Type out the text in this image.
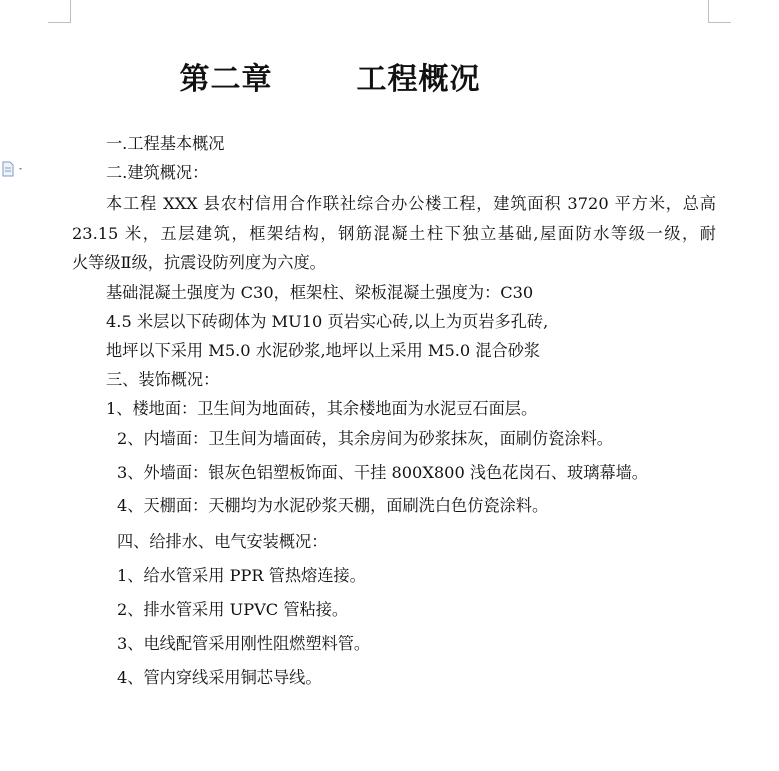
第二章	工程概况
一.工程基本概况
二.建筑概况：
本工程 XXX 县农村信用合作联社综合办公楼工程，建筑面积 3720 平方米，总高
23.15 米，五层建筑，框架结构，钢筋混凝土柱下独立基础,屋面防水等级一级，耐
火等级Ⅱ级，抗震设防列度为六度。
基础混凝土强度为 C30，框架柱、梁板混凝土强度为：C30
4.5 米层以下砖砌体为 MU10 页岩实心砖,以上为页岩多孔砖,
地坪以下采用 M5.0 水泥砂浆,地坪以上采用 M5.0 混合砂浆
三、装饰概况：
1、楼地面：卫生间为地面砖，其余楼地面为水泥豆石面层。
2、内墙面：卫生间为墙面砖，其余房间为砂浆抹灰，面刷仿瓷涂料。
3、外墙面：银灰色铝塑板饰面、干挂 800X800 浅色花岗石、玻璃幕墙。
4、天棚面：天棚均为水泥砂浆天棚，面刷洗白色仿瓷涂料。
四、给排水、电气安装概况：
1、给水管采用 PPR 管热熔连接。
2、排水管采用 UPVC 管粘接。
3、电线配管采用刚性阻燃塑料管。
4、管内穿线采用铜芯导线。
